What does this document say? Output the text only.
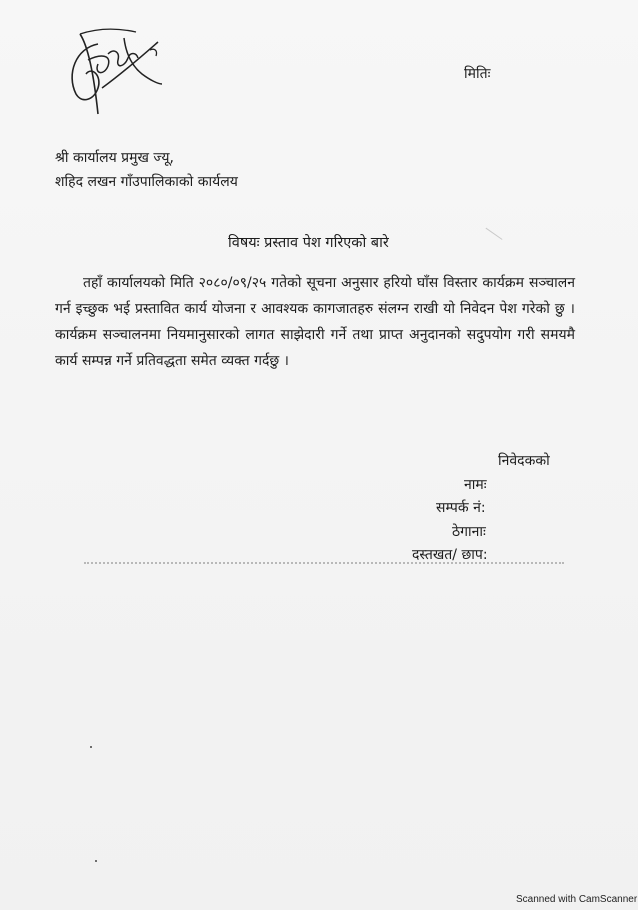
मितिः
श्री कार्यालय प्रमुख ज्यू,
शहिद लखन गाँउपालिकाको कार्यलय
विषयः प्रस्ताव पेश गरिएको बारे
तहाँ कार्यालयको मिति २०८०/०९/२५ गतेको सूचना अनुसार हरियो घाँस विस्तार कार्यक्रम सञ्चालन गर्न इच्छुक भई प्रस्तावित कार्य योजना र आवश्यक कागजातहरु संलग्न राखी यो निवेदन पेश गरेको छु । कार्यक्रम सञ्चालनमा नियमानुसारको लागत साझेदारी गर्ने तथा प्राप्त अनुदानको सदुपयोग गरी समयमै कार्य सम्पन्न गर्ने प्रतिवद्धता समेत व्यक्त गर्दछु ।
निवेदकको
नामः
सम्पर्क नं:
ठेगानाः
दस्तखत/ छाप:
Scanned with CamScanner
